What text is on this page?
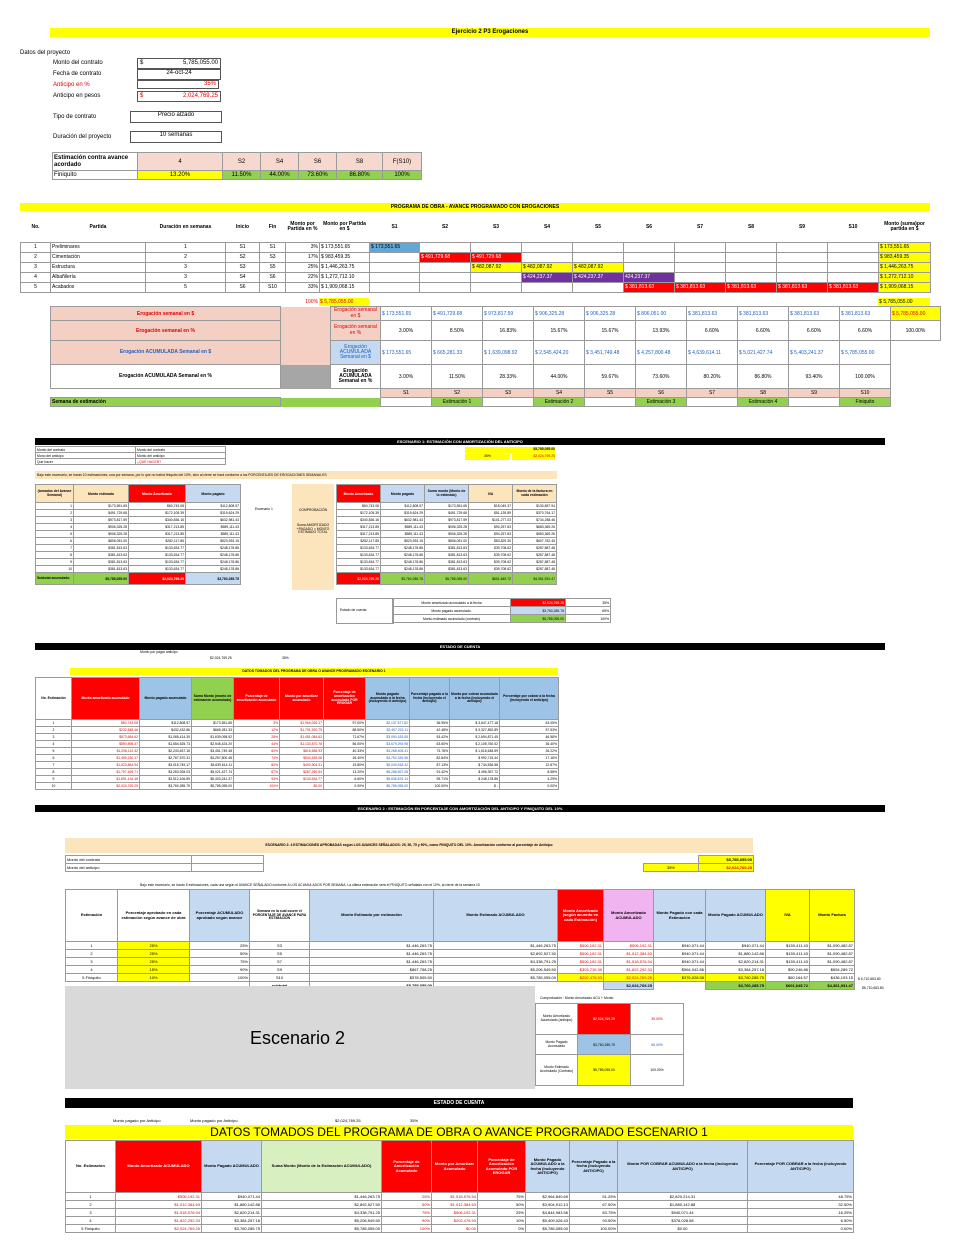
Ejercicio 2 P3 Erogaciones
Datos del proyecto
Monto del contrato	$	5,785,055.00
Fecha de contrato	24-oct-24
Anticipo en %	35%
Anticipo en pesos	$	2,024,769.25
Tipo de contrato	Precio alzado
Duración del proyecto	10 semanas
Estimación contra avance acordado	4	S2	S4	S6	S8	F(S10)
Finiquito	13.20%	11.50%	44.00%	73.60%	86.80%	100%
PROGRAMA DE OBRA - AVANCE PROGRAMADO CON EROGACIONES
No.	Partida	Duración en semanas	Inicio	Fin	Monto por Partida en %	Monto por Partida en $	S1	S2	S3	S4	S5	S6	S7	S8	S9	S10	Monto (suma)por partida en $
1	Preliminares	1	S1	S1	3%	$ 173,551.65	$ 173,551.65										$ 173,551.65
2	Cimentación	2	S2	S3	17%	$ 983,459.35		$ 491,729.68	$ 491,729.68								$ 983,459.35
3	Estructura	3	S3	S5	25%	$ 1,446,263.75			$ 482,087.92	$ 482,087.92	$ 482,087.92						$ 1,446,263.75
4	Albañilería	3	S4	S6	22%	$ 1,272,712.10				$ 424,237.37	$ 424,237.37	424,237.37					$ 1,272,712.10
5	Acabados	5	S6	S10	33%	$ 1,909,068.15						$ 381,813.63	$ 381,813.63	$ 381,813.63	$ 381,813.63	$ 381,813.63	$ 1,909,068.15
	100%	$ 5,785,055.00		$ 5,785,055.00
Erogación semanal en $		Erogación semanal en $	$ 173,551.65	$ 491,729.68	$ 973,817.59	$ 906,325.28	$ 906,325.28	$ 806,051.00	$ 381,813.63	$ 381,813.63	$ 381,813.63	$ 381,813.63	$ 5,785,055.00
Erogación semanal en %		Erogación semanal en %	3.00%	8.50%	16.83%	15.67%	15.67%	13.93%	6.60%	6.60%	6.60%	6.60%	100.00%
Erogación ACUMULADA Semanal en $		Erogación ACUMULADA Semanal en $	$ 173,551.65	$ 665,281.33	$ 1,639,098.92	$ 2,545,424.20	$ 3,451,749.48	$ 4,257,800.48	$ 4,639,614.11	$ 5,021,427.74	$ 5,403,241.37	$ 5,785,055.00	
Erogación ACUMULADA Semanal en %		Erogación ACUMULADA Semanal en %	3.00%	11.50%	28.33%	44.00%	59.67%	73.60%	80.20%	86.80%	93.40%	100.00%	
			S1	S2	S3	S4	S5	S6	S7	S8	S9	S10	
Semana de estimación				Estimación 1		Estimación 2		Estimación 3		Estimación 4		Finiquito	
ESCENARIO 1: ESTIMACIÓN CON AMORTIZACIÓN DEL ANTICIPO
Monto del contrato	Monto del contrato
Mono del anticipo	Monto del anticipo
Que hacer	¿QUÉ HACER?
$5,785,055.00
35%	$2,024,769.25
Bajo este escenario, se harán 10 estimaciones, una por semana, por lo que no habrá finiquito del 10%, sino al cierre se hará conforme a los PORCENTAJES DE EROGACIONES SEMANALES
(tomados del Avance Semanal)	Monto estimado	Monto Amortizado	Monto pagado
1	$173,551.65	$60,743.08	$112,808.57
2	$491,729.68	$172,105.39	$319,624.29
3	$973,817.59	$340,836.16	$632,981.43
4	$906,325.28	$317,213.85	$589,111.43
5	$906,325.28	$317,213.85	$589,111.43
6	$806,051.00	$282,117.85	$523,933.15
7	$381,813.63	$133,634.77	$248,178.86
8	$381,813.63	$133,634.77	$248,178.86
9	$381,813.63	$133,634.77	$248,178.86
10	$381,813.63	$133,634.77	$248,178.86
Subtotal acumulado	$5,785,055.00	$2,024,769.25	$3,760,285.75
COMPROBACIÓN
Suma AMORTIZADO +PAGADO = MONTO ESTIMADO TOTAL
Escenario 1
Monto Amortizado	Monto pagado	Suma monto (Monto de lo estimado)	IVA	Monto de la factura en cada estimación
$60,743.08	$112,808.57	$173,551.65	$18,049.37	$130,857.94
$172,105.39	$319,624.29	$491,729.68	$51,139.89	$370,764.17
$340,836.16	$632,981.43	$973,817.59	$101,277.03	$734,258.46
$317,213.85	$589,111.43	$906,325.28	$94,257.83	$683,369.26
$317,213.85	$589,111.43	$906,325.28	$94,257.83	$683,369.26
$282,117.85	$523,933.15	$806,051.00	$83,829.30	$607,762.45
$133,634.77	$248,178.86	$381,813.63	$39,708.62	$287,887.48
$133,634.77	$248,178.86	$381,813.63	$39,708.62	$287,887.48
$133,634.77	$248,178.86	$381,813.63	$39,708.62	$287,887.48
$133,634.77	$248,178.86	$381,813.63	$39,708.62	$287,887.48
$2,024,769.25	$3,760,285.75	$5,785,055.00	$601,645.72	$4,361,931.47
Estado de cuenta
Monto amortizado acumulado a la fecha	$2,024,769.25	35%
Monto pagado acumulado-	$3,760,285.75	65%
Monto estimado acumulado (contrato)	$5,785,055.00	100%
ESTADO DE CUENTA
Monto por pagar anticipo
$2,024,769.25	35%
DATOS TOMADOS DEL PROGRAMA DE OBRA O AVANCE PROGRAMADO ESCENARIO 1
No. Estimación	Monto amortizado acumulado	Monto pagado acumulado	Suma Monto (monto de estimación acumulado)	Porcentaje de amortización acumulado	Monto por amortizar acumulado	Porcentaje de amortización acumulado POR EROGAR	Monto pagado acumulado a la fecha (incluyendo el anticipo)	Porcentaje pagado a la fecha (incluyendo el anticipo)	Monto por cobrar acumulado a la fecha (incluyendo el anticipo)	Porcentaje por cobrar a la fecha (incluyendo el anticipo)
1	$60,743.08	$112,808.57	$173,551.65	3%	$1,964,026.17	97.00%	$2,137,577.82	36.95%	$ 3,647,477.18	63.05%
2	$232,848.46	$432,432.86	$665,281.33	12%	$1,791,920.79	88.50%	$2,457,202.11	42.48%	$ 3,327,852.89	57.53%
3	$573,684.62	$1,065,414.30	$1,639,098.92	28%	$1,451,084.63	71.67%	$3,090,183.55	53.42%	$ 2,694,871.45	46.58%
4	$890,898.47	$1,654,525.73	$2,545,424.20	44%	$1,133,870.78	56.00%	$3,679,294.98	63.60%	$ 2,105,760.02	36.40%
5	$1,208,112.32	$2,243,637.16	$3,451,749.48	60%	$816,656.93	40.33%	$4,268,406.41	73.78%	$ 1,516,648.59	26.22%
6	$1,490,230.17	$2,767,570.31	$4,257,800.48	74%	$534,539.08	26.40%	$4,792,339.56	82.84%	$ 992,715.44	17.16%
7	$1,623,864.94	$3,015,749.17	$4,639,614.11	80%	$400,904.31	19.80%	$5,040,518.42	87.13%	$ 744,536.58	12.87%
8	$1,757,499.71	$3,263,928.03	$5,021,427.74	87%	$267,269.54	13.20%	$5,288,697.28	91.42%	$ 496,357.72	8.58%
9	$1,891,134.48	$3,512,106.89	$5,403,241.37	93%	$133,634.77	6.60%	$5,536,876.14	95.71%	$ 248,178.86	4.29%
10	$2,024,769.25	$3,760,285.75	$5,785,055.00	100%	$0.00	0.00%	$5,785,055.00	100.00%	$ -	0.00%
ESCENARIO 2 : ESTIMACIÓN EN PORCENTAJE CON AMORTIZACIÓN DEL ANTICIPO Y FINIQUITO DEL 10%
ESCENARIO 2: 4 ESTIMACIONES APROBADAS según LOS AVANCES SEÑALADOS: 25, 50, 75 y 90%, como FINIQUITO DEL 10%. Amortización conforme al porcentaje de Anticipo
Monto del contrato				$5,785,055.00
Monto del anticipo			35%	$2,024,769.25
Bajo este escenario, se harán 5 estimaciones, cada una según el AVANCE SEÑALADO conforme A LOS ACUMULADOS POR SEMANA. La última estimación será el FINIQUITO señalado con el 10%, al cierre de la semana 10
Estimación	Porcentaje aprobado en cada estimación según avance de obra	Porcentaje ACUMULADO aprobado según avance	Semana en la cual ocurre el PORCENTAJE DE AVANCE PARA ESTIMACIÓN	Monto Estimado por estimación	Monto Estimado ACUMULADO	Monto Amortizado (según acuerdo en cada Estimación)	Monto Amortizado ACUMULADO	Monto Pagado con cada Estimación	Monto Pagado ACUMULADO	IVA	Monto Factura
1	25%	25%	S3	$1,446,263.75	$1,446,263.75	$506,192.31	$506,192.31	$940,071.44	$940,071.44	$150,411.43	$1,090,482.87
2	25%	50%	S5	$1,446,263.75	$2,892,527.50	$506,192.31	$1,012,384.63	$940,071.44	$1,880,142.88	$150,411.43	$1,090,482.87
3	25%	75%	S7	$1,446,263.75	$4,338,791.25	$506,192.31	$1,518,576.94	$940,071.44	$2,820,214.31	$150,411.43	$1,090,482.87
4	15%	90%	S9	$867,758.25	$5,206,549.50	$303,715.39	$1,822,292.33	$564,042.86	$3,384,257.18	$90,246.86	$654,289.72
5 Finiquito	10%	100%	S10	$578,505.50	$5,785,055.00	$202,476.93	$2,024,769.25	$376,028.58	$3,760,285.75	$60,164.57	$436,193.15
							$2,024,769.25		$3,760,285.75	$601,645.72	$4,361,931.47
$ 6,710,663.80
$6,710,663.80
Escenario 2
Comprobación : Monto Amortizado ACU + Monto
Monto Amortizado Acumulado (anticipo)	$2,024,769.25	35.00%
Monto Pagado Acumulado	$3,760,285.75	65.00%
Monto Estimado Acumulado (Contrato)	$5,785,055.00	100.00%
ESTADO DE CUENTA
Monto pagado por Anticipo	Monto pagado por Anticipo	$2,024,769.25	35%
DATOS TOMADOS DEL PROGRAMA DE OBRA O AVANCE PROGRAMADO ESCENARIO 1
No. Estimación	Monto Amortizado ACUMULADO	Monto Pagado ACUMULADO	Suma Monto (Monto de la Estimación ACUMULADO)	Porcentaje de Amortización Acumulado	Monto por Amortizar Acumulado	Porcentaje de Amortización Acumulado POR EROGAR	Monto Pagado ACUMULADO a la fecha (incluyendo ANTICIPO)	Porcentaje Pagado a la fecha (incluyendo ANTICIPO)	Monto POR COBRAR ACUMULADO a la fecha (incluyendo ANTICIPO)	Porcentaje POR COBRAR a la fecha (incluyendo ANTICIPO)
1	$506,192.31	$940,071.44	$1,446,263.75	25%	$1,518,576.94	75%	$2,964,840.69	51.25%	$2,820,214.31	48.75%
2	$1,012,384.63	$1,880,142.88	$2,892,527.50	50%	$1,012,384.63	50%	$3,904,912.13	67.50%	$1,880,142.88	32.50%
3	$1,518,576.94	$2,820,214.31	$4,338,791.25	75%	$506,192.31	25%	$4,844,983.56	83.75%	$940,071.44	16.25%
4	$1,822,292.33	$3,384,257.18	$5,206,549.50	90%	$202,476.93	10%	$5,409,026.43	93.50%	$376,028.58	6.50%
5 Finiquito	$2,024,769.25	$3,760,285.75	$5,785,055.00	100%	$0.00	0%	$5,785,055.00	100.00%	$0.00	0.00%
